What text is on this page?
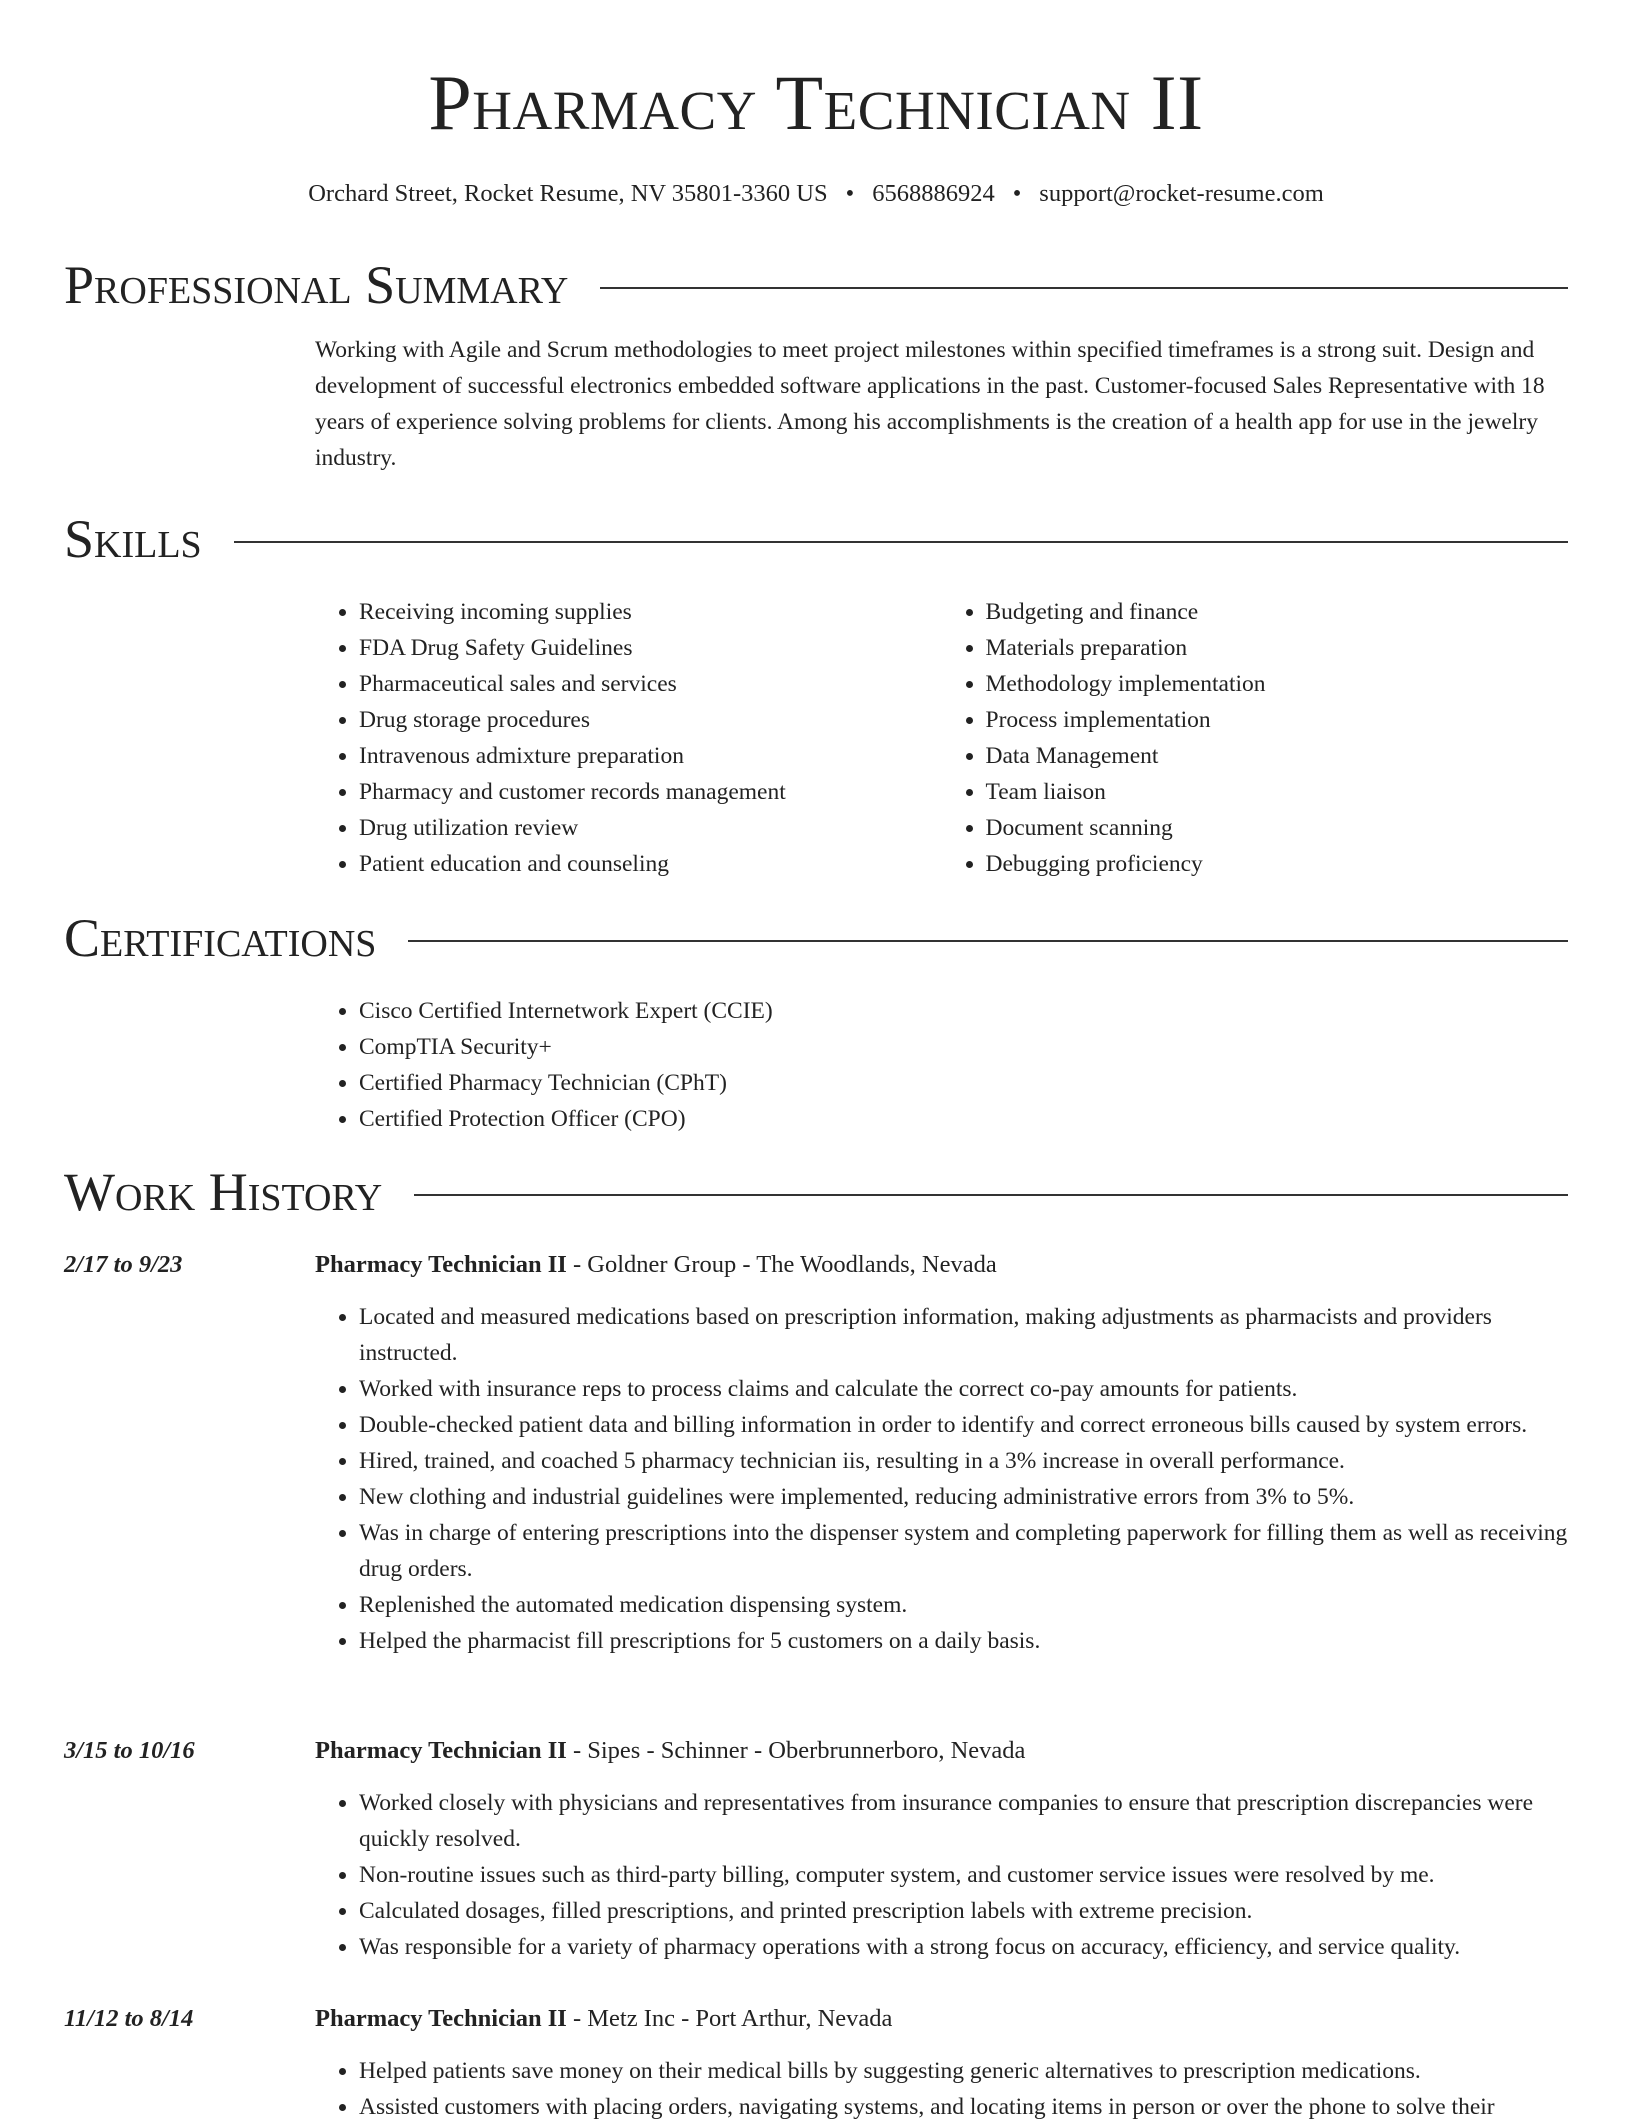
Pharmacy Technician II
Orchard Street, Rocket Resume, NV 35801-3360 US • 6568886924 • support@rocket-resume.com
Professional Summary
Working with Agile and Scrum methodologies to meet project milestones within specified timeframes is a strong suit. Design and development of successful electronics embedded software applications in the past. Customer-focused Sales Representative with 18 years of experience solving problems for clients. Among his accomplishments is the creation of a health app for use in the jewelry industry.
Skills
• Receiving incoming supplies
• FDA Drug Safety Guidelines
• Pharmaceutical sales and services
• Drug storage procedures
• Intravenous admixture preparation
• Pharmacy and customer records management
• Drug utilization review
• Patient education and counseling
• Budgeting and finance
• Materials preparation
• Methodology implementation
• Process implementation
• Data Management
• Team liaison
• Document scanning
• Debugging proficiency
Certifications
• Cisco Certified Internetwork Expert (CCIE)
• CompTIA Security+
• Certified Pharmacy Technician (CPhT)
• Certified Protection Officer (CPO)
Work History
2/17 to 9/23	Pharmacy Technician II - Goldner Group - The Woodlands, Nevada
• Located and measured medications based on prescription information, making adjustments as pharmacists and providers instructed.
• Worked with insurance reps to process claims and calculate the correct co-pay amounts for patients.
• Double-checked patient data and billing information in order to identify and correct erroneous bills caused by system errors.
• Hired, trained, and coached 5 pharmacy technician iis, resulting in a 3% increase in overall performance.
• New clothing and industrial guidelines were implemented, reducing administrative errors from 3% to 5%.
• Was in charge of entering prescriptions into the dispenser system and completing paperwork for filling them as well as receiving drug orders.
• Replenished the automated medication dispensing system.
• Helped the pharmacist fill prescriptions for 5 customers on a daily basis.
3/15 to 10/16	Pharmacy Technician II - Sipes - Schinner - Oberbrunnerboro, Nevada
• Worked closely with physicians and representatives from insurance companies to ensure that prescription discrepancies were quickly resolved.
• Non-routine issues such as third-party billing, computer system, and customer service issues were resolved by me.
• Calculated dosages, filled prescriptions, and printed prescription labels with extreme precision.
• Was responsible for a variety of pharmacy operations with a strong focus on accuracy, efficiency, and service quality.
11/12 to 8/14	Pharmacy Technician II - Metz Inc - Port Arthur, Nevada
• Helped patients save money on their medical bills by suggesting generic alternatives to prescription medications.
• Assisted customers with placing orders, navigating systems, and locating items in person or over the phone to solve their
